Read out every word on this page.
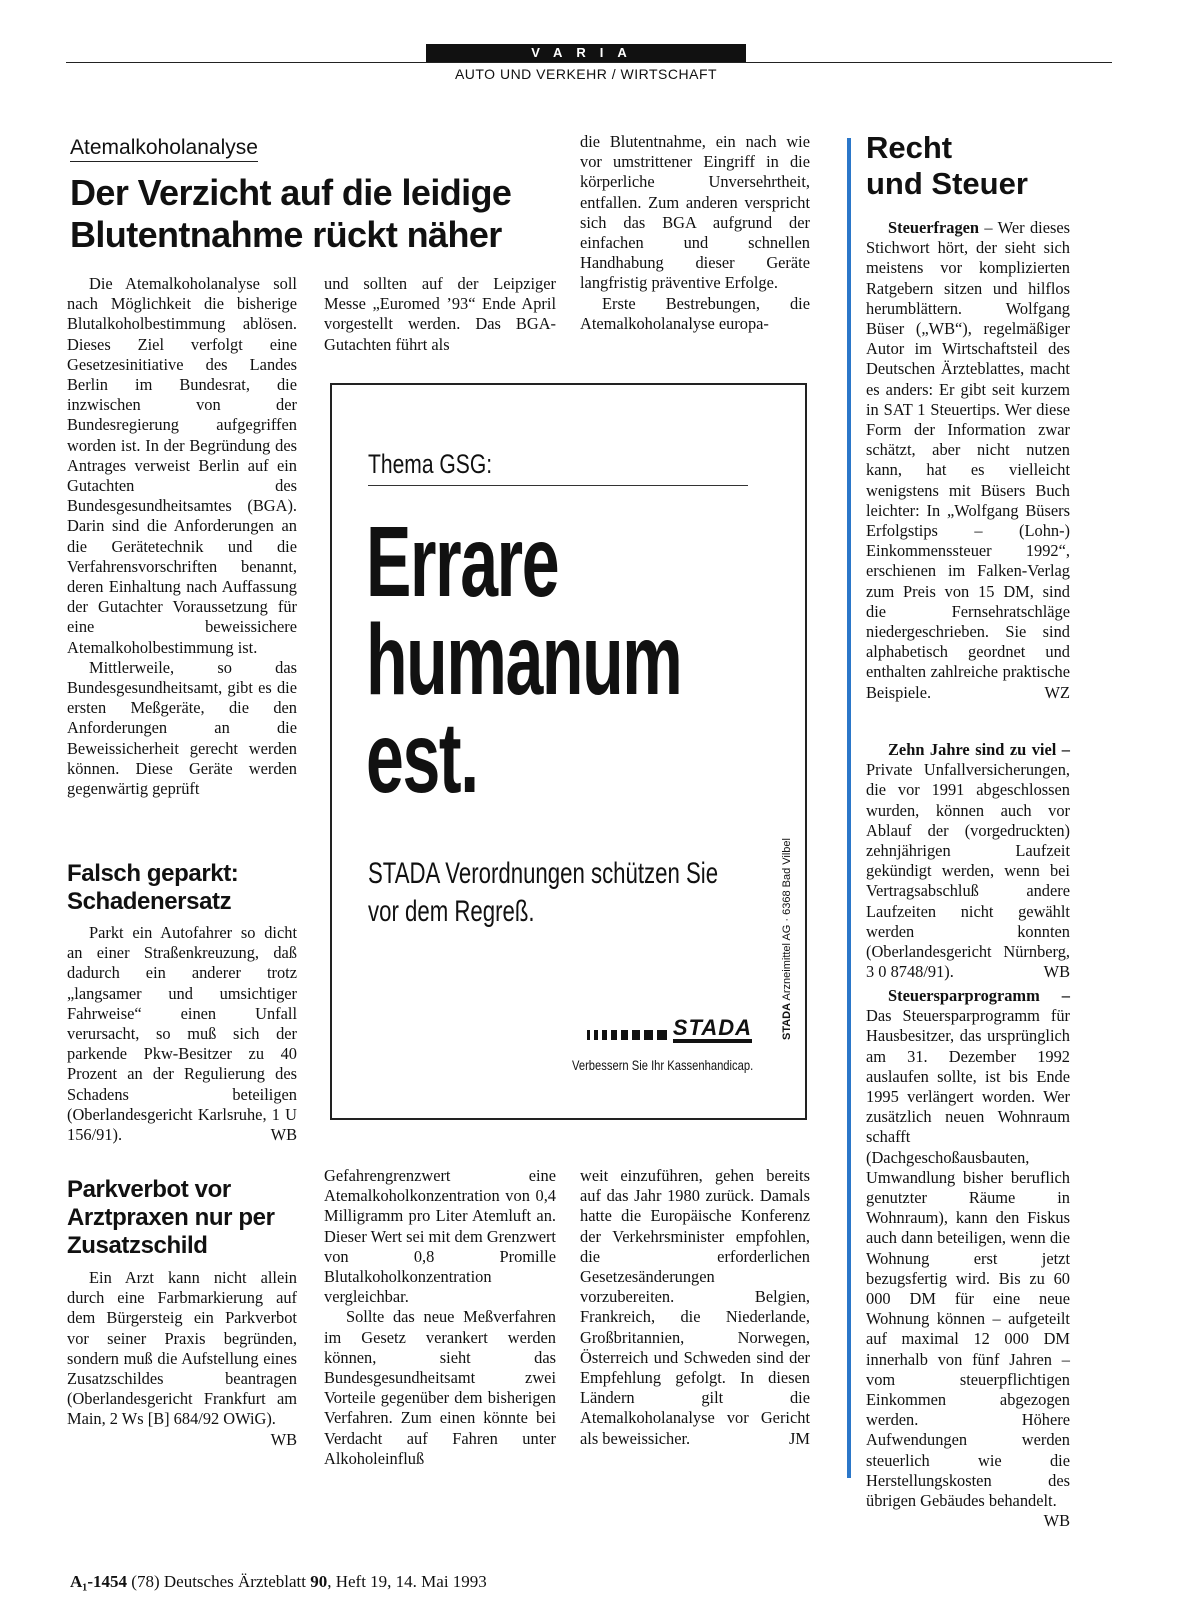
VARIA
AUTO UND VERKEHR / WIRTSCHAFT
Atemalkoholanalyse
Der Verzicht auf die leidige
Blutentnahme rückt näher

Die Atemalkoholanalyse soll nach Möglichkeit die bisherige Blutalkoholbestimmung ablösen. Dieses Ziel verfolgt eine Gesetzesinitiative des Landes Berlin im Bundesrat, die inzwischen von der Bundesregierung aufgegriffen worden ist. In der Begründung des Antrages verweist Berlin auf ein Gutachten des Bundesgesundheitsamtes (BGA). Darin sind die Anforderungen an die Gerätetechnik und die Verfahrensvorschriften benannt, deren Einhaltung nach Auffassung der Gutachter Voraussetzung für eine beweissichere Atemalkoholbestimmung ist.

Mittlerweile, so das Bundesgesundheitsamt, gibt es die ersten Meßgeräte, die den Anforderungen an die Beweissicherheit gerecht werden können. Diese Geräte werden gegenwärtig geprüft

Falsch geparkt: Schadenersatz

Parkt ein Autofahrer so dicht an einer Straßenkreuzung, daß dadurch ein anderer trotz „langsamer und umsichtiger Fahrweise“ einen Unfall verursacht, so muß sich der parkende Pkw-Besitzer zu 40 Prozent an der Regulierung des Schadens beteiligen (Oberlandesgericht Karlsruhe, 1 U 156/91).	WB

Parkverbot vor Arztpraxen nur per Zusatzschild

Ein Arzt kann nicht allein durch eine Farbmarkierung auf dem Bürgersteig ein Parkverbot vor seiner Praxis begründen, sondern muß die Aufstellung eines Zusatzschildes beantragen (Oberlandesgericht Frankfurt am Main, 2 Ws [B] 684/92 OWiG).
WB

und sollten auf der Leipziger Messe „Euromed ’93“ Ende April vorgestellt werden. Das BGA-Gutachten führt als

die Blutentnahme, ein nach wie vor umstrittener Eingriff in die körperliche Unversehrtheit, entfallen. Zum anderen verspricht sich das BGA aufgrund der einfachen und schnellen Handhabung dieser Geräte langfristig präventive Erfolge.

Erste Bestrebungen, die Atemalkoholanalyse europa-

Thema GSG:
Errare
humanum
est.
STADA Verordnungen schützen Sie
vor dem Regreß.
STADA
Verbessern Sie Ihr Kassenhandicap.
STADA Arzneimittel AG · 6368 Bad Vilbel

Gefahrengrenzwert eine Atemalkoholkonzentration von 0,4 Milligramm pro Liter Atemluft an. Dieser Wert sei mit dem Grenzwert von 0,8 Promille Blutalkoholkonzentration vergleichbar.

Sollte das neue Meßverfahren im Gesetz verankert werden können, sieht das Bundesgesundheitsamt zwei Vorteile gegenüber dem bisherigen Verfahren. Zum einen könnte bei Verdacht auf Fahren unter Alkoholeinfluß

weit einzuführen, gehen bereits auf das Jahr 1980 zurück. Damals hatte die Europäische Konferenz der Verkehrsminister empfohlen, die erforderlichen Gesetzesänderungen vorzubereiten. Belgien, Frankreich, die Niederlande, Großbritannien, Norwegen, Österreich und Schweden sind der Empfehlung gefolgt. In diesen Ländern gilt die Atemalkoholanalyse vor Gericht als beweissicher.	JM

Recht
und Steuer

Steuerfragen – Wer dieses Stichwort hört, der sieht sich meistens vor komplizierten Ratgebern sitzen und hilflos herumblättern. Wolfgang Büser („WB“), regelmäßiger Autor im Wirtschaftsteil des Deutschen Ärzteblattes, macht es anders: Er gibt seit kurzem in SAT 1 Steuertips. Wer diese Form der Information zwar schätzt, aber nicht nutzen kann, hat es vielleicht wenigstens mit Büsers Buch leichter: In „Wolfgang Büsers Erfolgstips – (Lohn-) Einkommenssteuer 1992“, erschienen im Falken-Verlag zum Preis von 15 DM, sind die Fernsehratschläge niedergeschrieben. Sie sind alphabetisch geordnet und enthalten zahlreiche praktische Beispiele.	WZ

Zehn Jahre sind zu viel – Private Unfallversicherungen, die vor 1991 abgeschlossen wurden, können auch vor Ablauf der (vorgedruckten) zehnjährigen Laufzeit gekündigt werden, wenn bei Vertragsabschluß andere Laufzeiten nicht gewählt werden konnten (Oberlandesgericht Nürnberg, 3 0 8748/91).	WB

Steuersparprogramm – Das Steuersparprogramm für Hausbesitzer, das ursprünglich am 31. Dezember 1992 auslaufen sollte, ist bis Ende 1995 verlängert worden. Wer zusätzlich neuen Wohnraum schafft (Dachgeschoßausbauten, Umwandlung bisher beruflich genutzter Räume in Wohnraum), kann den Fiskus auch dann beteiligen, wenn die Wohnung erst jetzt bezugsfertig wird. Bis zu 60 000 DM für eine neue Wohnung können – aufgeteilt auf maximal 12 000 DM innerhalb von fünf Jahren – vom steuerpflichtigen Einkommen abgezogen werden. Höhere Aufwendungen werden steuerlich wie die Herstellungskosten des übrigen Gebäudes behandelt.
WB

A₁-1454 (78) Deutsches Ärzteblatt 90, Heft 19, 14. Mai 1993
